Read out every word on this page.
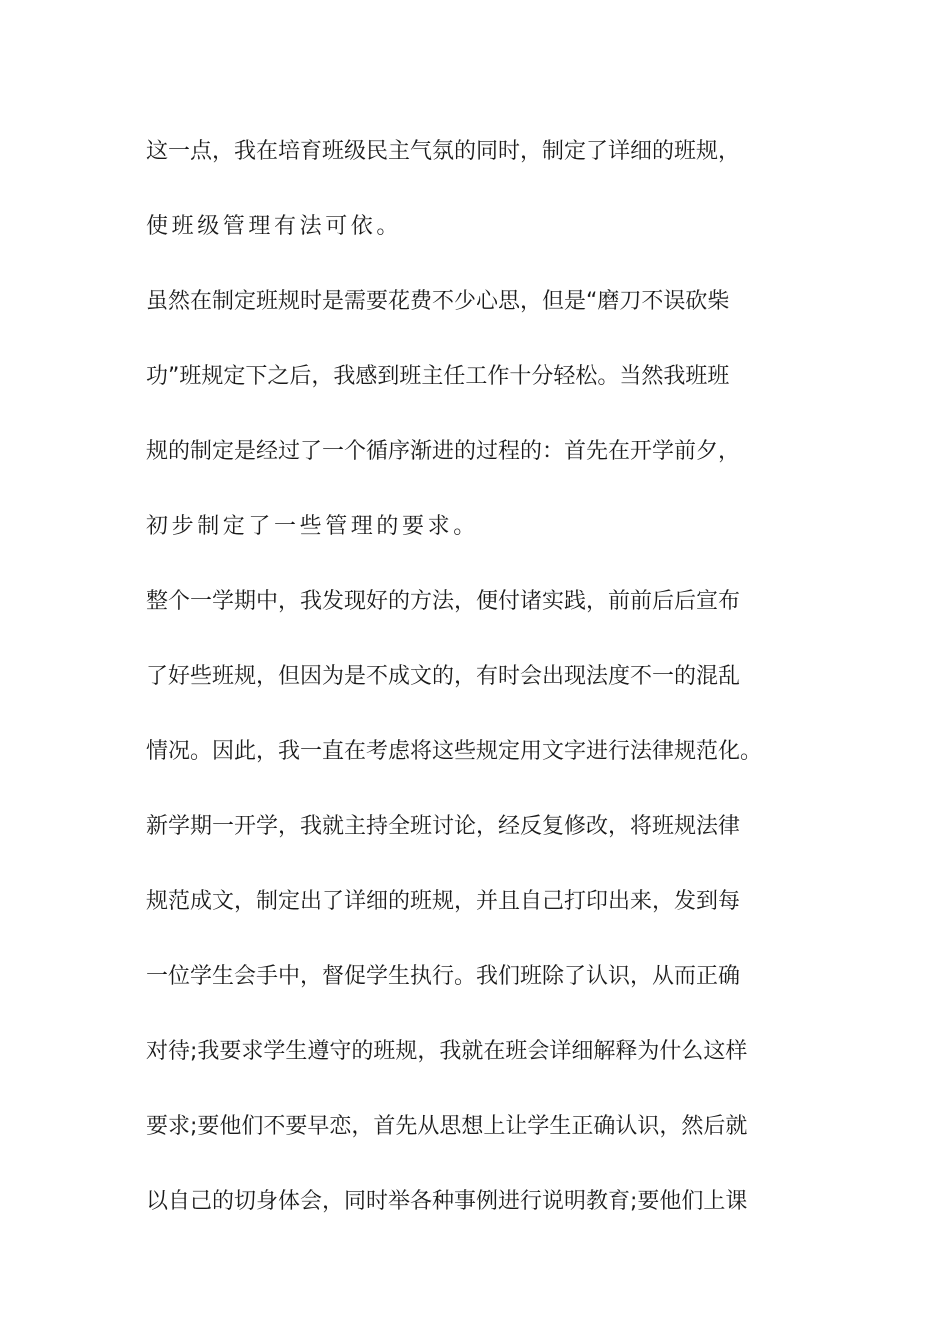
这一点，我在培育班级民主气氛的同时，制定了详细的班规，
使班级管理有法可依。
虽然在制定班规时是需要花费不少心思，但是“磨刀不误砍柴
功”班规定下之后，我感到班主任工作十分轻松。当然我班班
规的制定是经过了一个循序渐进的过程的：首先在开学前夕，
初步制定了一些管理的要求。
整个一学期中，我发现好的方法，便付诸实践，前前后后宣布
了好些班规，但因为是不成文的，有时会出现法度不一的混乱
情况。因此，我一直在考虑将这些规定用文字进行法律规范化。
新学期一开学，我就主持全班讨论，经反复修改，将班规法律
规范成文，制定出了详细的班规，并且自己打印出来，发到每
一位学生会手中，督促学生执行。我们班除了认识，从而正确
对待;我要求学生遵守的班规，我就在班会详细解释为什么这样
要求;要他们不要早恋，首先从思想上让学生正确认识，然后就
以自己的切身体会，同时举各种事例进行说明教育;要他们上课
